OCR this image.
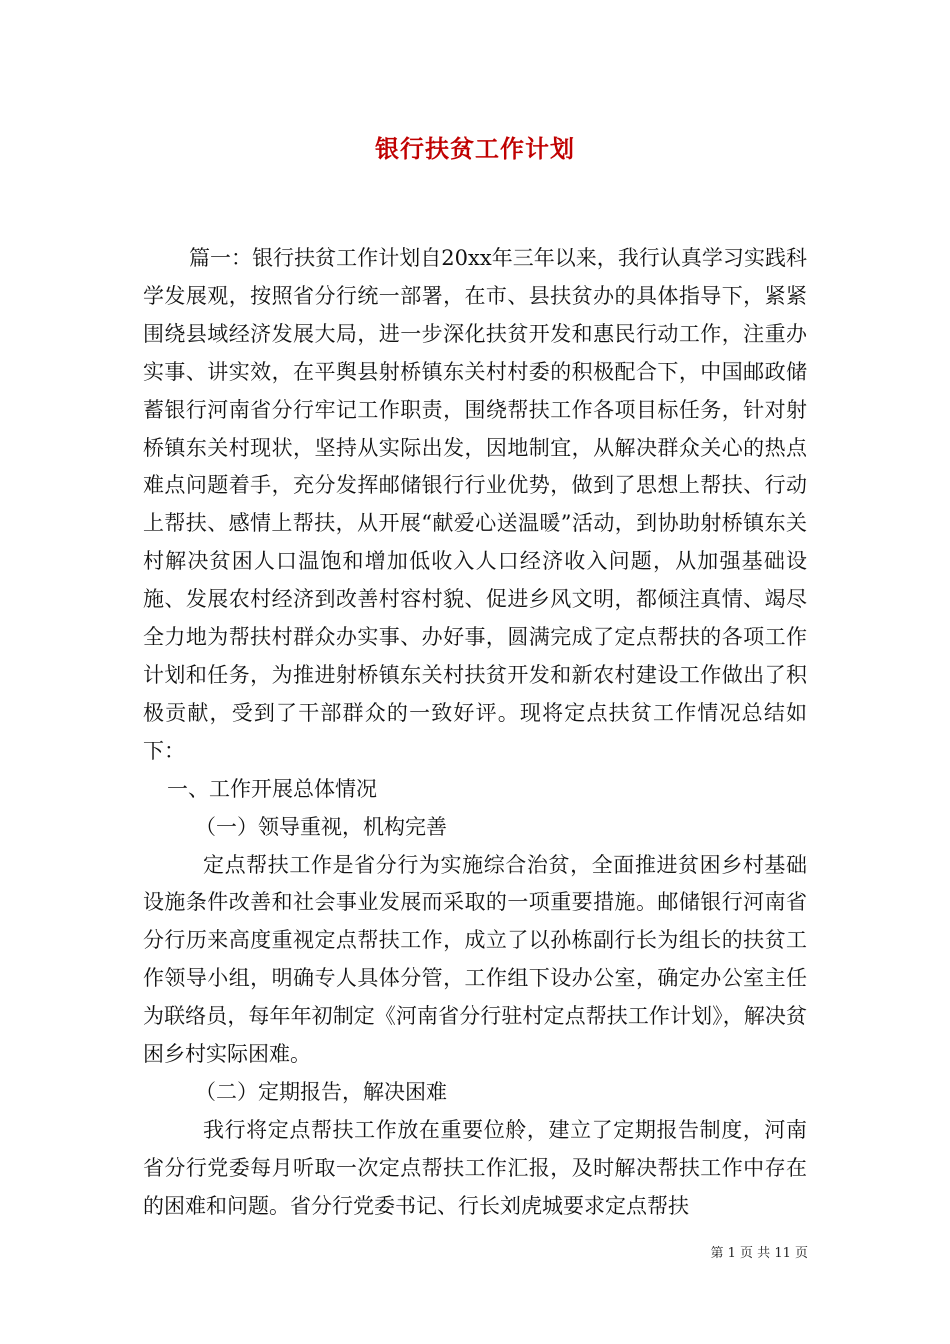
银行扶贫工作计划

篇一：银行扶贫工作计划自20xx年三年以来，我行认真学习实践科学发展观，按照省分行统一部署，在市、县扶贫办的具体指导下，紧紧围绕县域经济发展大局，进一步深化扶贫开发和惠民行动工作，注重办实事、讲实效，在平舆县射桥镇东关村村委的积极配合下，中国邮政储蓄银行河南省分行牢记工作职责，围绕帮扶工作各项目标任务，针对射桥镇东关村现状，坚持从实际出发，因地制宜，从解决群众关心的热点难点问题着手，充分发挥邮储银行行业优势，做到了思想上帮扶、行动上帮扶、感情上帮扶，从开展“献爱心送温暖”活动，到协助射桥镇东关村解决贫困人口温饱和增加低收入人口经济收入问题，从加强基础设施、发展农村经济到改善村容村貌、促进乡风文明，都倾注真情、竭尽全力地为帮扶村群众办实事、办好事，圆满完成了定点帮扶的各项工作计划和任务，为推进射桥镇东关村扶贫开发和新农村建设工作做出了积极贡献，受到了干部群众的一致好评。现将定点扶贫工作情况总结如下：

一、工作开展总体情况

（一）领导重视，机构完善

定点帮扶工作是省分行为实施综合治贫，全面推进贫困乡村基础设施条件改善和社会事业发展而采取的一项重要措施。邮储银行河南省分行历来高度重视定点帮扶工作，成立了以孙栋副行长为组长的扶贫工作领导小组，明确专人具体分管，工作组下设办公室，确定办公室主任为联络员，每年年初制定《河南省分行驻村定点帮扶工作计划》，解决贫困乡村实际困难。

（二）定期报告，解决困难

我行将定点帮扶工作放在重要位舲，建立了定期报告制度，河南省分行党委每月听取一次定点帮扶工作汇报，及时解决帮扶工作中存在的困难和问题。省分行党委书记、行长刘虎城要求定点帮扶

第 1 页 共 11 页
